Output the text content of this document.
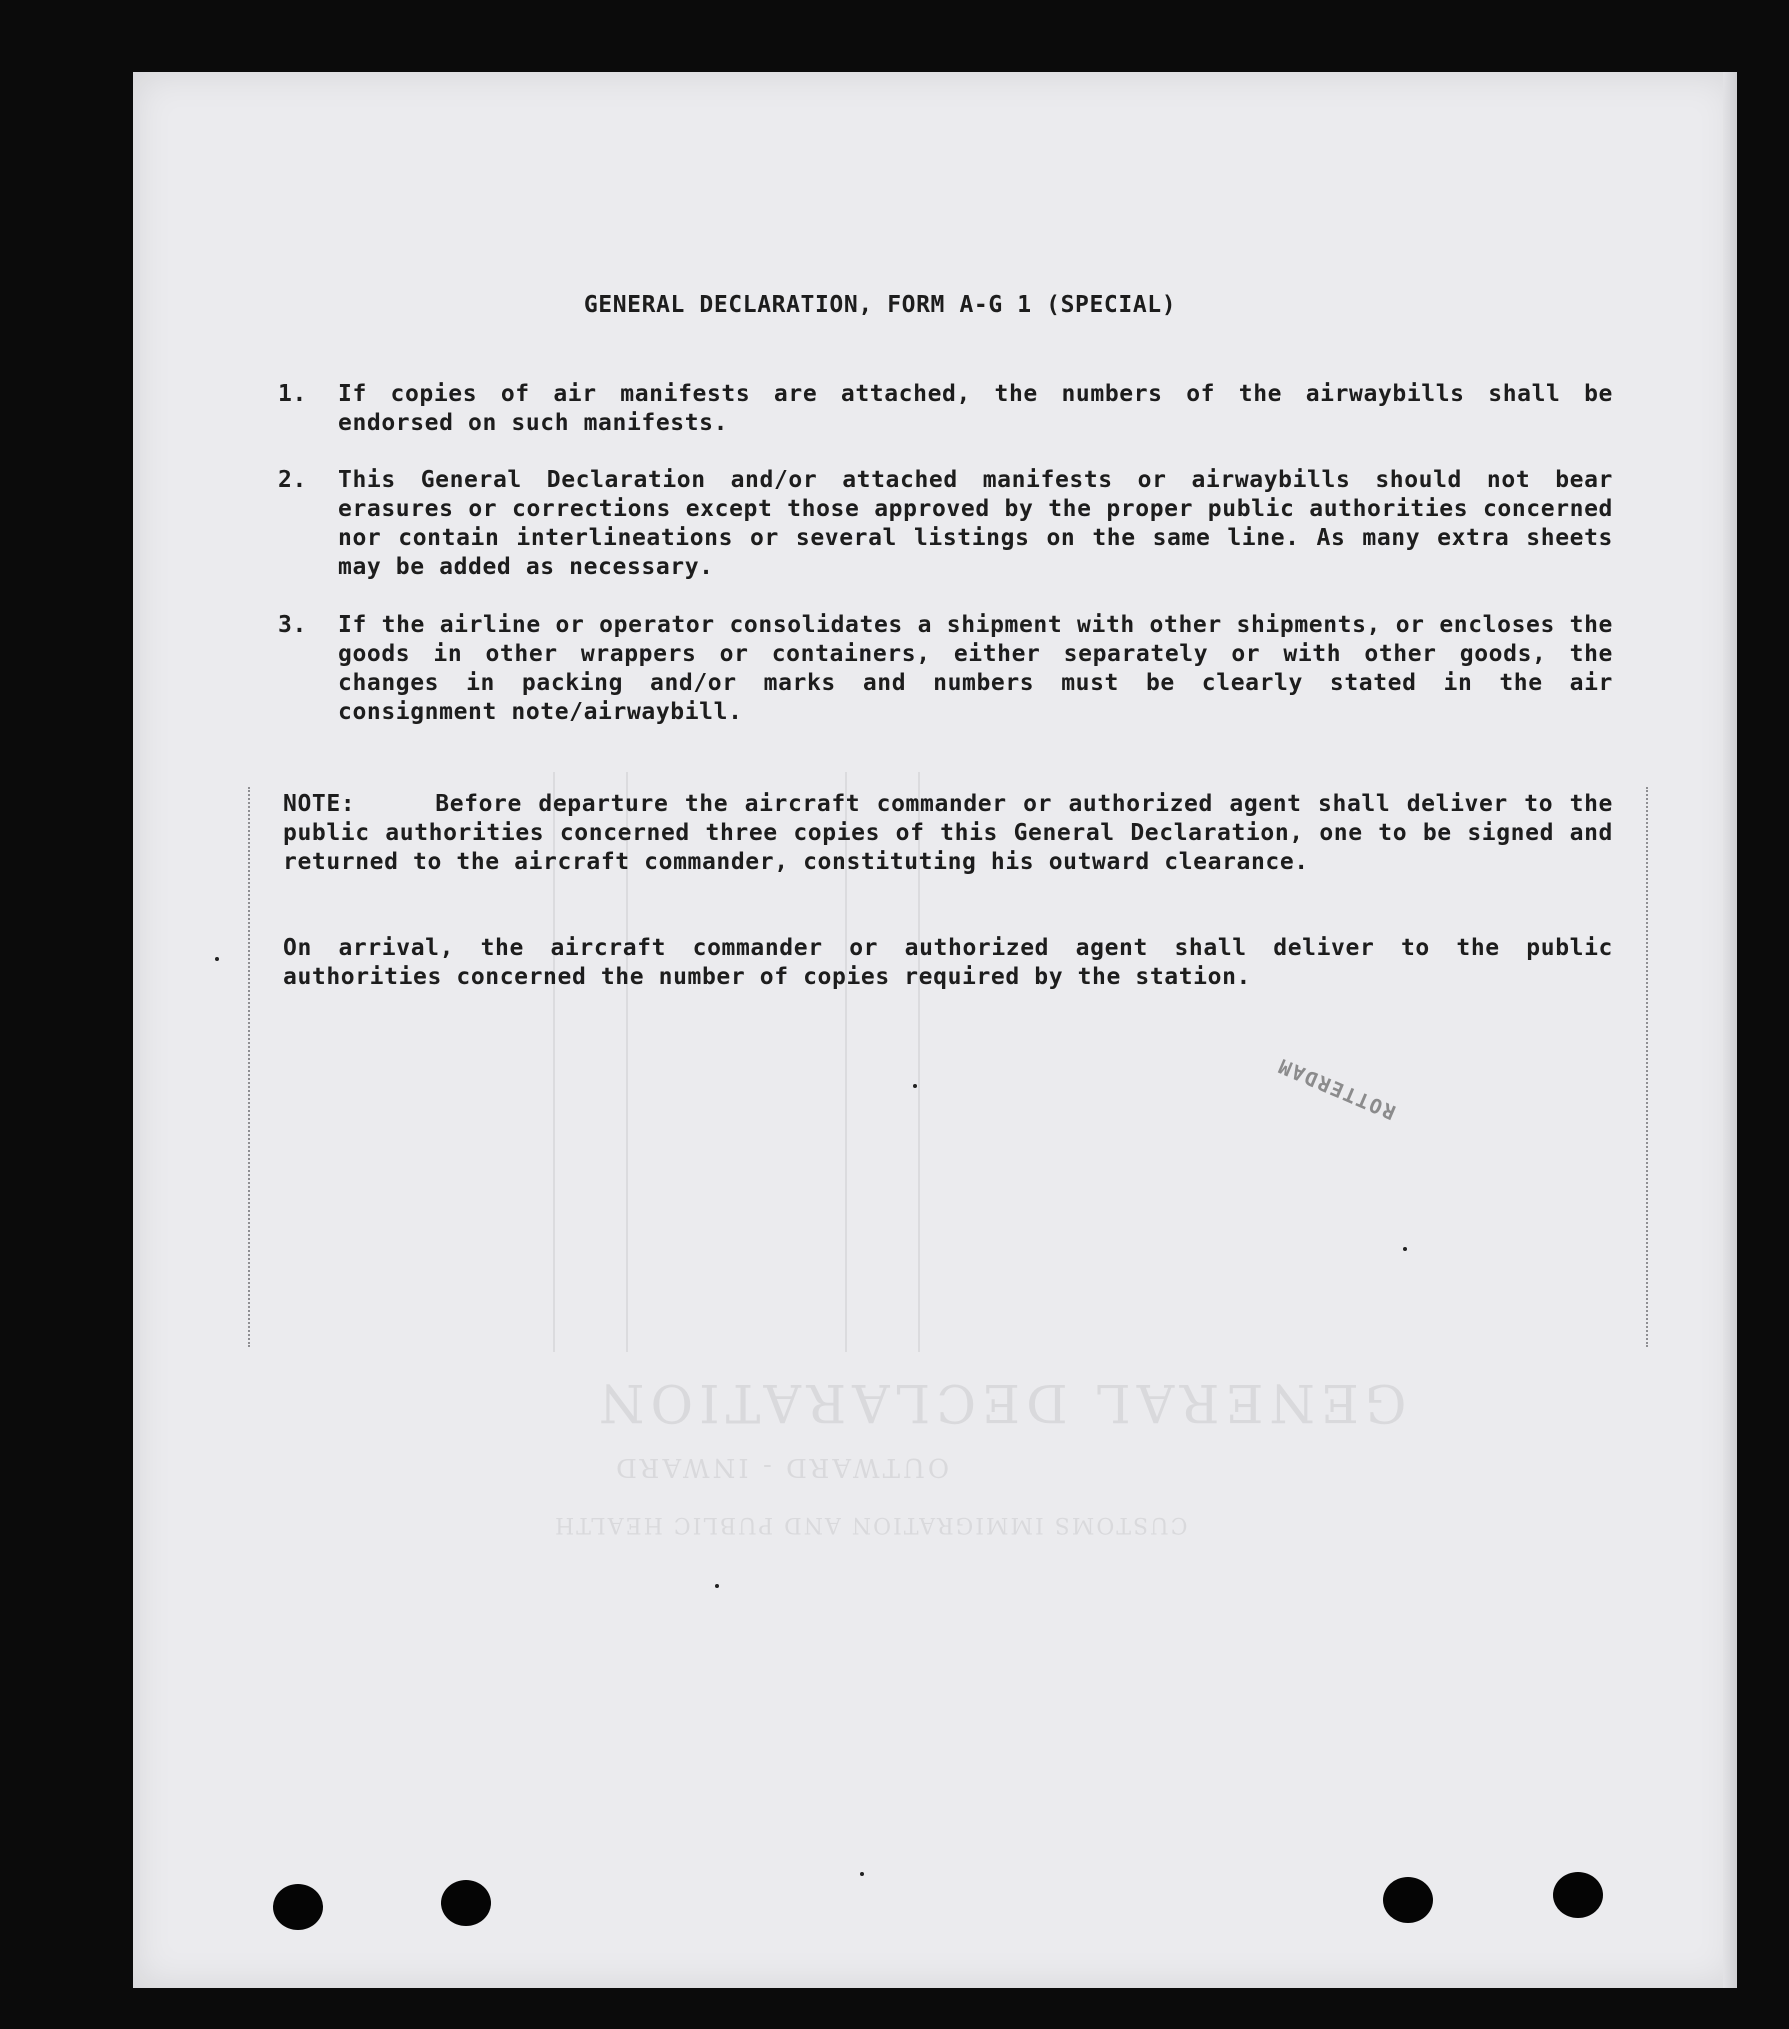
GENERAL DECLARATION
OUTWARD - INWARD
CUSTOMS IMMIGRATION AND PUBLIC HEALTH
GENERAL DECLARATION, FORM A-G 1 (SPECIAL)
1.	If copies of air manifests are attached, the numbers of the airwaybills shall be endorsed on such manifests.
2.	This General Declaration and/or attached manifests or airwaybills should not bear erasures or corrections except those approved by the proper public authorities concerned nor contain interlineations or several listings on the same line. As many extra sheets may be added as necessary.
3.	If the airline or operator consolidates a shipment with other shipments, or encloses the goods in other wrappers or containers, either separately or with other goods, the changes in packing and/or marks and numbers must be clearly stated in the air consignment note/airwaybill.
NOTE:	Before departure the aircraft commander or authorized agent shall deliver to the public authorities concerned three copies of this General Declaration, one to be signed and returned to the aircraft commander, constituting his outward clearance.
On arrival, the aircraft commander or authorized agent shall deliver to the public authorities concerned the number of copies required by the station.
ROTTERDAM
